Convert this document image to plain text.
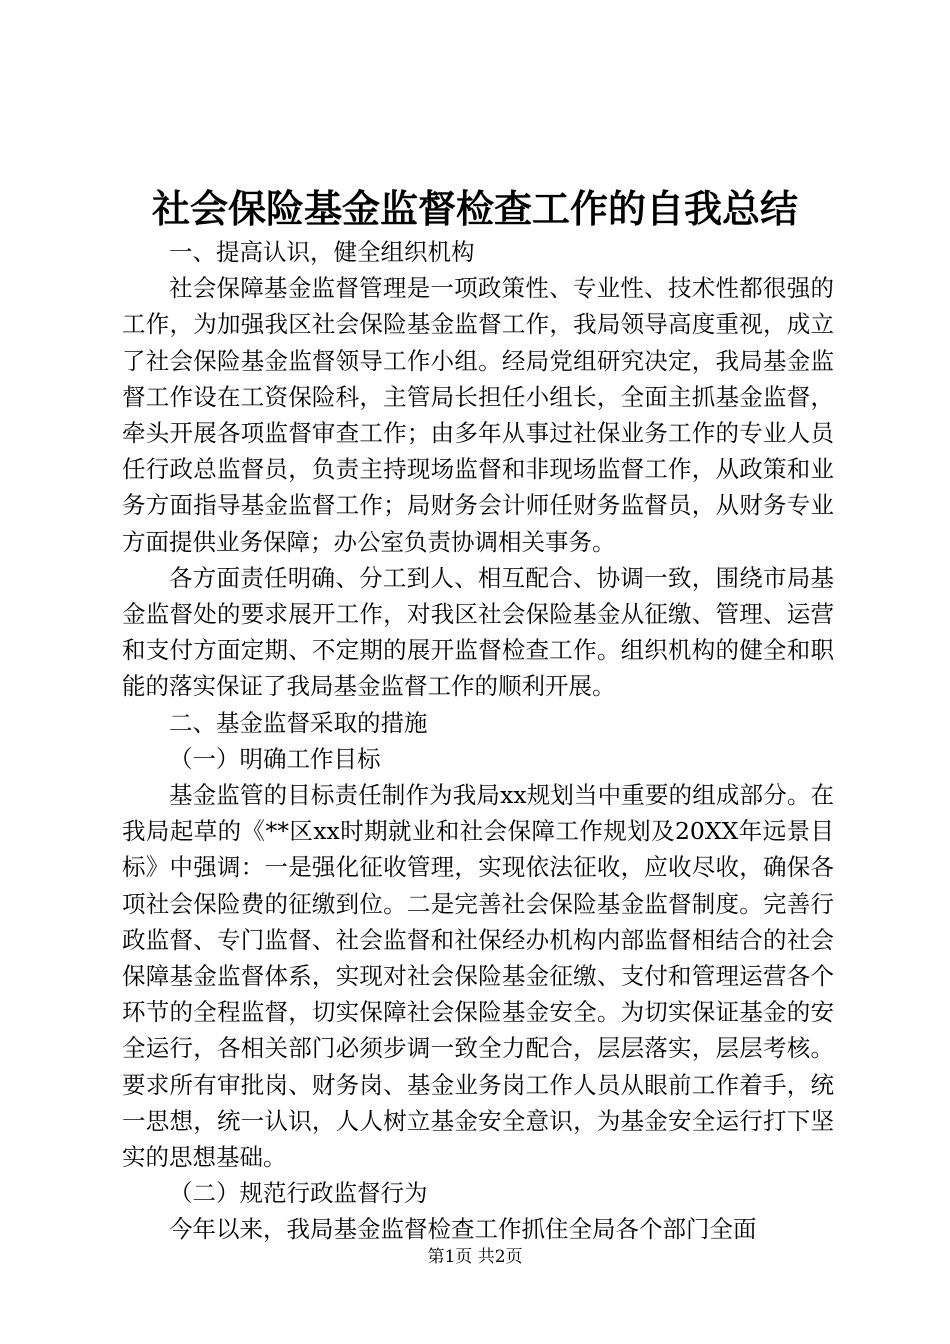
社会保险基金监督检查工作的自我总结

一、提高认识，健全组织机构

社会保障基金监督管理是一项政策性、专业性、技术性都很强的工作，为加强我区社会保险基金监督工作，我局领导高度重视，成立了社会保险基金监督领导工作小组。经局党组研究决定，我局基金监督工作设在工资保险科，主管局长担任小组长，全面主抓基金监督，牵头开展各项监督审查工作；由多年从事过社保业务工作的专业人员任行政总监督员，负责主持现场监督和非现场监督工作，从政策和业务方面指导基金监督工作；局财务会计师任财务监督员，从财务专业方面提供业务保障；办公室负责协调相关事务。

各方面责任明确、分工到人、相互配合、协调一致，围绕市局基金监督处的要求展开工作，对我区社会保险基金从征缴、管理、运营和支付方面定期、不定期的展开监督检查工作。组织机构的健全和职能的落实保证了我局基金监督工作的顺利开展。

二、基金监督采取的措施

（一）明确工作目标

基金监管的目标责任制作为我局xx规划当中重要的组成部分。在我局起草的《**区xx时期就业和社会保障工作规划及20XX年远景目标》中强调：一是强化征收管理，实现依法征收，应收尽收，确保各项社会保险费的征缴到位。二是完善社会保险基金监督制度。完善行政监督、专门监督、社会监督和社保经办机构内部监督相结合的社会保障基金监督体系，实现对社会保险基金征缴、支付和管理运营各个环节的全程监督，切实保障社会保险基金安全。为切实保证基金的安全运行，各相关部门必须步调一致全力配合，层层落实，层层考核。要求所有审批岗、财务岗、基金业务岗工作人员从眼前工作着手，统一思想，统一认识，人人树立基金安全意识，为基金安全运行打下坚实的思想基础。

（二）规范行政监督行为

今年以来，我局基金监督检查工作抓住全局各个部门全面

第1页 共2页
